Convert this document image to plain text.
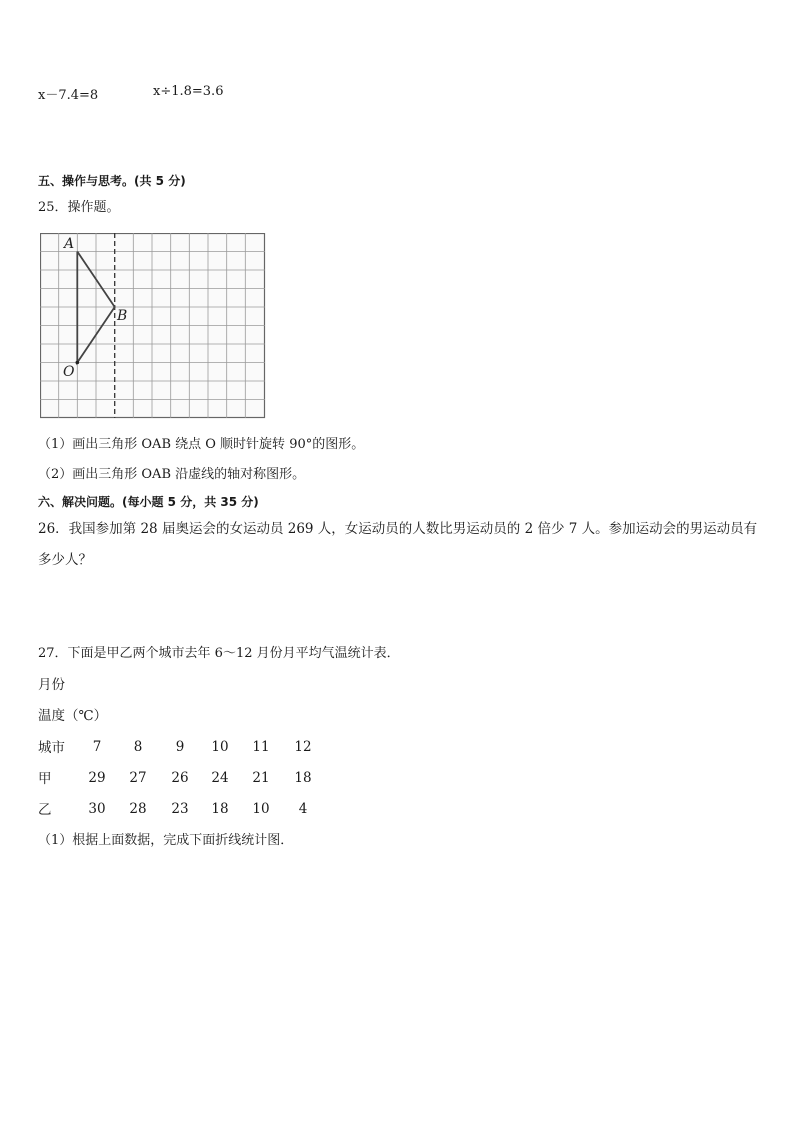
x－7.4=8	x÷1.8=3.6
五、操作与思考。(共 5 分)
25．操作题。
A
B
O
（1）画出三角形 OAB 绕点 O 顺时针旋转 90°的图形。
（2）画出三角形 OAB 沿虚线的轴对称图形。
六、解决问题。(每小题 5 分，共 35 分)
26．我国参加第 28 届奥运会的女运动员 269 人，女运动员的人数比男运动员的 2 倍少 7 人。参加运动会的男运动员有
多少人？
27．下面是甲乙两个城市去年 6～12 月份月平均气温统计表．
月份
温度（℃）
城市	7	8	9	10	11	12
甲	29	27	26	24	21	18
乙	30	28	23	18	10	4
（1）根据上面数据，完成下面折线统计图．
